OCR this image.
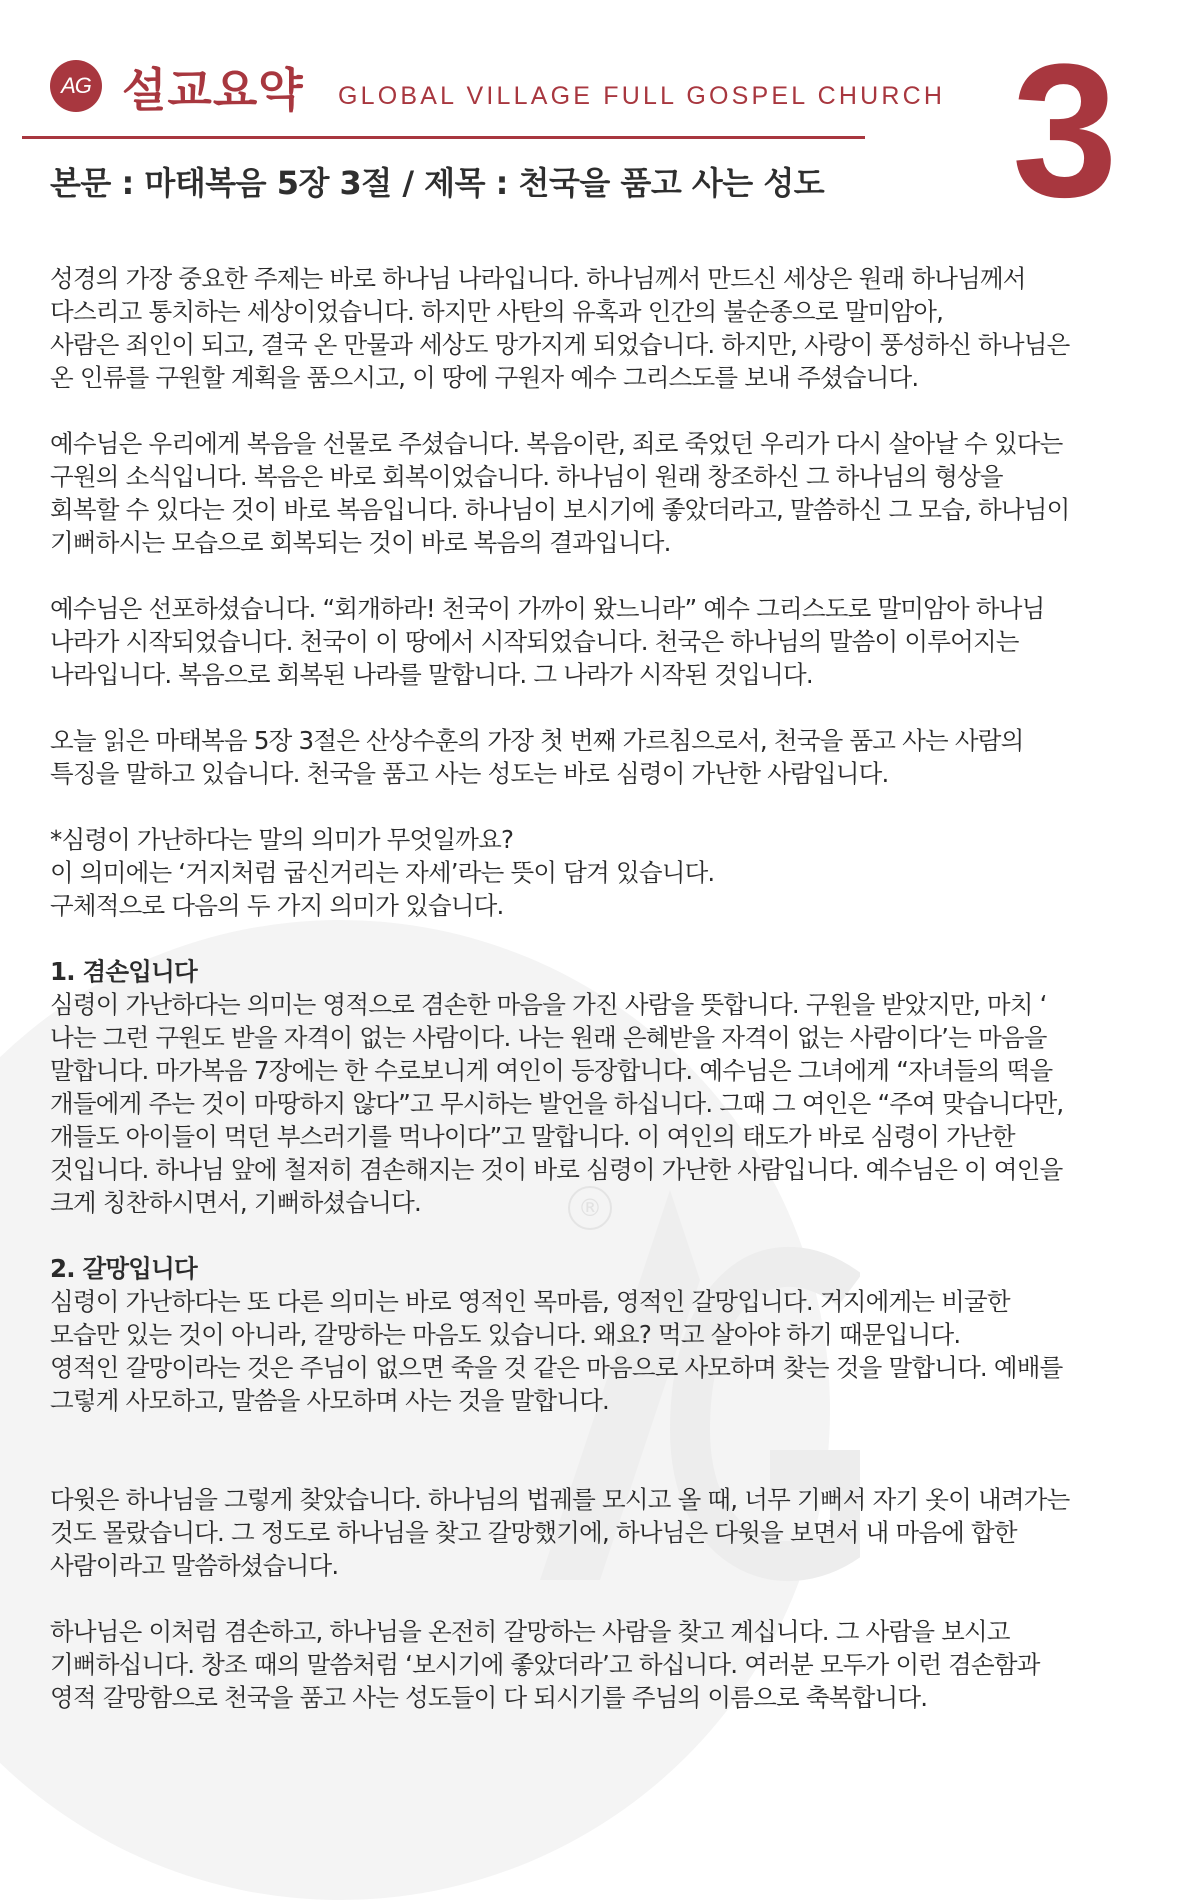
®
AG 설교요약 GLOBAL VILLAGE FULL GOSPEL CHURCH 3
본문 : 마태복음 5장 3절 / 제목 : 천국을 품고 사는 성도
성경의 가장 중요한 주제는 바로 하나님 나라입니다. 하나님께서 만드신 세상은 원래 하나님께서
다스리고 통치하는 세상이었습니다. 하지만 사탄의 유혹과 인간의 불순종으로 말미암아,
사람은 죄인이 되고, 결국 온 만물과 세상도 망가지게 되었습니다. 하지만, 사랑이 풍성하신 하나님은
온 인류를 구원할 계획을 품으시고, 이 땅에 구원자 예수 그리스도를 보내 주셨습니다.
예수님은 우리에게 복음을 선물로 주셨습니다. 복음이란, 죄로 죽었던 우리가 다시 살아날 수 있다는
구원의 소식입니다. 복음은 바로 회복이었습니다. 하나님이 원래 창조하신 그 하나님의 형상을
회복할 수 있다는 것이 바로 복음입니다. 하나님이 보시기에 좋았더라고, 말씀하신 그 모습, 하나님이
기뻐하시는 모습으로 회복되는 것이 바로 복음의 결과입니다.
예수님은 선포하셨습니다. “회개하라! 천국이 가까이 왔느니라” 예수 그리스도로 말미암아 하나님
나라가 시작되었습니다. 천국이 이 땅에서 시작되었습니다. 천국은 하나님의 말씀이 이루어지는
나라입니다. 복음으로 회복된 나라를 말합니다. 그 나라가 시작된 것입니다.
오늘 읽은 마태복음 5장 3절은 산상수훈의 가장 첫 번째 가르침으로서, 천국을 품고 사는 사람의
특징을 말하고 있습니다. 천국을 품고 사는 성도는 바로 심령이 가난한 사람입니다.
*심령이 가난하다는 말의 의미가 무엇일까요?
이 의미에는 ‘거지처럼 굽신거리는 자세’라는 뜻이 담겨 있습니다.
구체적으로 다음의 두 가지 의미가 있습니다.
1. 겸손입니다
심령이 가난하다는 의미는 영적으로 겸손한 마음을 가진 사람을 뜻합니다. 구원을 받았지만, 마치 ‘
나는 그런 구원도 받을 자격이 없는 사람이다. 나는 원래 은혜받을 자격이 없는 사람이다’는 마음을
말합니다. 마가복음 7장에는 한 수로보니게 여인이 등장합니다. 예수님은 그녀에게 “자녀들의 떡을
개들에게 주는 것이 마땅하지 않다”고 무시하는 발언을 하십니다. 그때 그 여인은 “주여 맞습니다만,
개들도 아이들이 먹던 부스러기를 먹나이다”고 말합니다. 이 여인의 태도가 바로 심령이 가난한
것입니다. 하나님 앞에 철저히 겸손해지는 것이 바로 심령이 가난한 사람입니다. 예수님은 이 여인을
크게 칭찬하시면서, 기뻐하셨습니다.
2. 갈망입니다
심령이 가난하다는 또 다른 의미는 바로 영적인 목마름, 영적인 갈망입니다. 거지에게는 비굴한
모습만 있는 것이 아니라, 갈망하는 마음도 있습니다. 왜요? 먹고 살아야 하기 때문입니다.
영적인 갈망이라는 것은 주님이 없으면 죽을 것 같은 마음으로 사모하며 찾는 것을 말합니다. 예배를
그렇게 사모하고, 말씀을 사모하며 사는 것을 말합니다.
다윗은 하나님을 그렇게 찾았습니다. 하나님의 법궤를 모시고 올 때, 너무 기뻐서 자기 옷이 내려가는
것도 몰랐습니다. 그 정도로 하나님을 찾고 갈망했기에, 하나님은 다윗을 보면서 내 마음에 합한
사람이라고 말씀하셨습니다.
하나님은 이처럼 겸손하고, 하나님을 온전히 갈망하는 사람을 찾고 계십니다. 그 사람을 보시고
기뻐하십니다. 창조 때의 말씀처럼 ‘보시기에 좋았더라’고 하십니다. 여러분 모두가 이런 겸손함과
영적 갈망함으로 천국을 품고 사는 성도들이 다 되시기를 주님의 이름으로 축복합니다.
